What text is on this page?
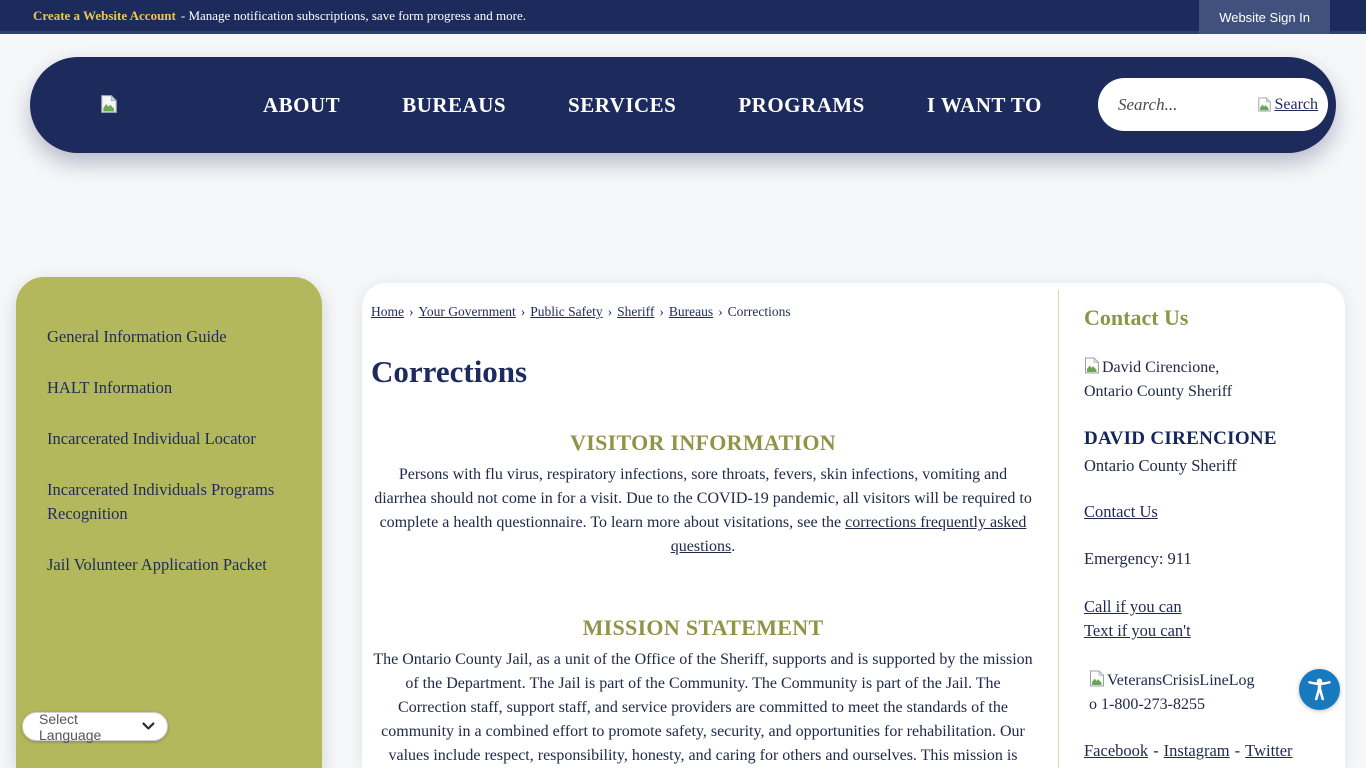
Create a Website Account - Manage notification subscriptions, save form progress and more.	Website Sign In
ABOUT	BUREAUS	SERVICES	PROGRAMS	I WANT TO
Search...	Search
General Information Guide
HALT Information
Incarcerated Individual Locator
Incarcerated Individuals Programs Recognition
Jail Volunteer Application Packet
Home › Your Government › Public Safety › Sheriff › Bureaus › Corrections
Corrections
VISITOR INFORMATION

Persons with flu virus, respiratory infections, sore throats, fevers, skin infections, vomiting and diarrhea should not come in for a visit. Due to the COVID-19 pandemic, all visitors will be required to complete a health questionnaire. To learn more about visitations, see the corrections frequently asked questions.

MISSION STATEMENT

The Ontario County Jail, as a unit of the Office of the Sheriff, supports and is supported by the mission of the Department. The Jail is part of the Community. The Community is part of the Jail. The Correction staff, support staff, and service providers are committed to meet the standards of the community in a combined effort to promote safety, security, and opportunities for rehabilitation. Our values include respect, responsibility, honesty, and caring for others and ourselves. This mission is

Contact Us
David Cirencione, Ontario County Sheriff
DAVID CIRENCIONE
Ontario County Sheriff
Contact Us
Emergency: 911
Call if you can
Text if you can't
VeteransCrisisLineLogo 1-800-273-8255
Facebook - Instagram - Twitter
Select Language
